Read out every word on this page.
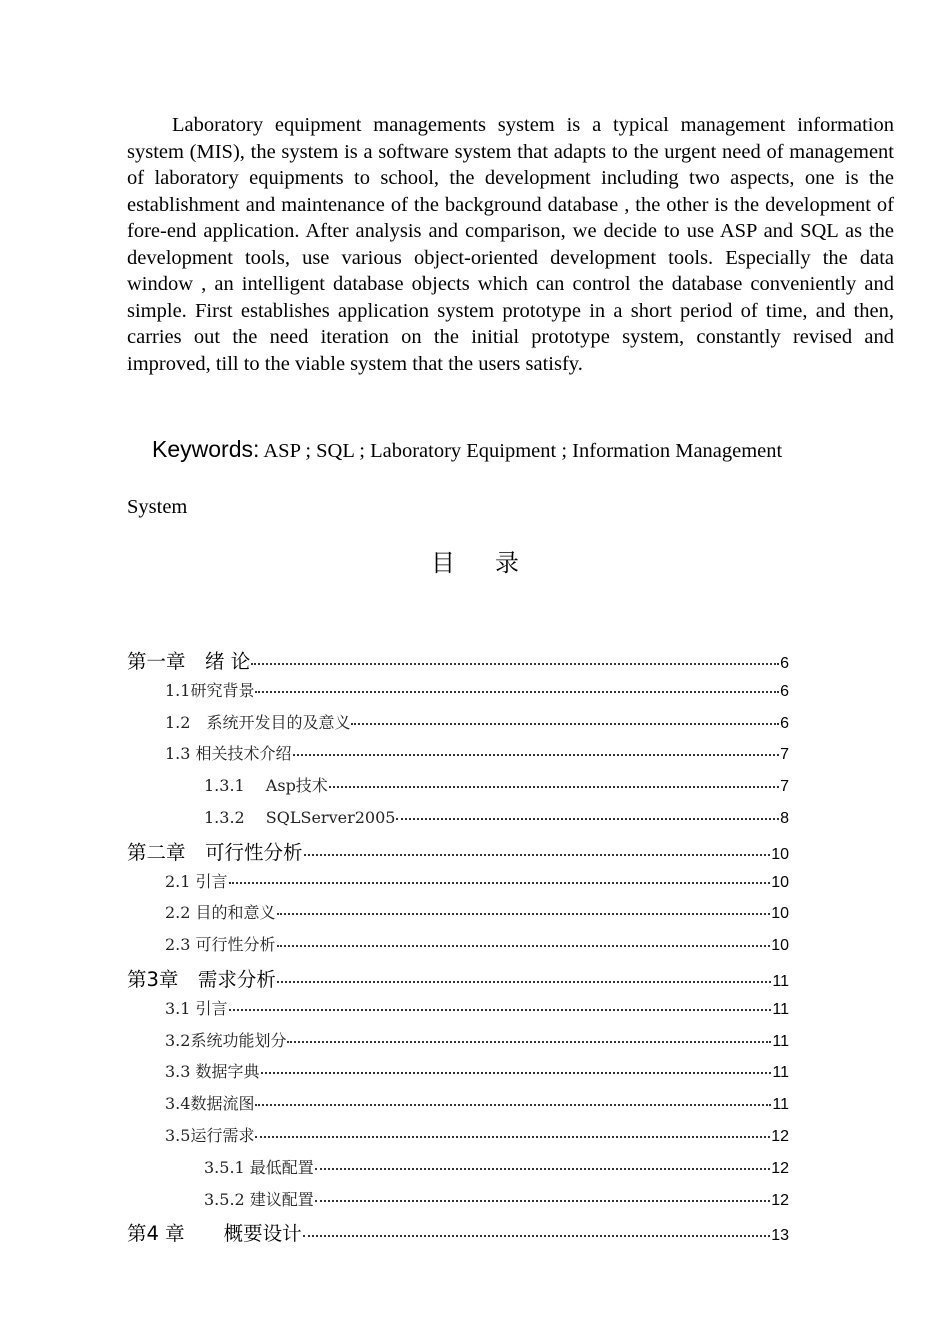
Laboratory equipment managements system is a typical management information system (MIS), the system is a software system that adapts to the urgent need of management of laboratory equipments to school, the development including two aspects, one is the establishment and maintenance of the background database , the other is the development of fore-end application. After analysis and comparison, we decide to use ASP and SQL as the development tools, use various object-oriented development tools. Especially the data window , an intelligent database objects which can control the database conveniently and simple. First establishes application system prototype in a short period of time, and then, carries out the need iteration on the initial prototype system, constantly revised and improved, till to the viable system that the users satisfy.

Keywords: ASP ; SQL ; Laboratory Equipment ; Information Management
System
目录
第一章　绪 论	6
1.1研究背景	6
1.2　系统开发目的及意义	6
1.3 相关技术介绍	7
1.3.1　 Asp技术	7
1.3.2　 SQLServer2005	8
第二章　可行性分析	10
2.1 引言	10
2.2 目的和意义	10
2.3 可行性分析	10
第3章　需求分析	11
3.1 引言	11
3.2系统功能划分	11
3.3 数据字典	11
3.4数据流图	11
3.5运行需求	12
3.5.1 最低配置	12
3.5.2 建议配置	12
第4 章　　概要设计	13
